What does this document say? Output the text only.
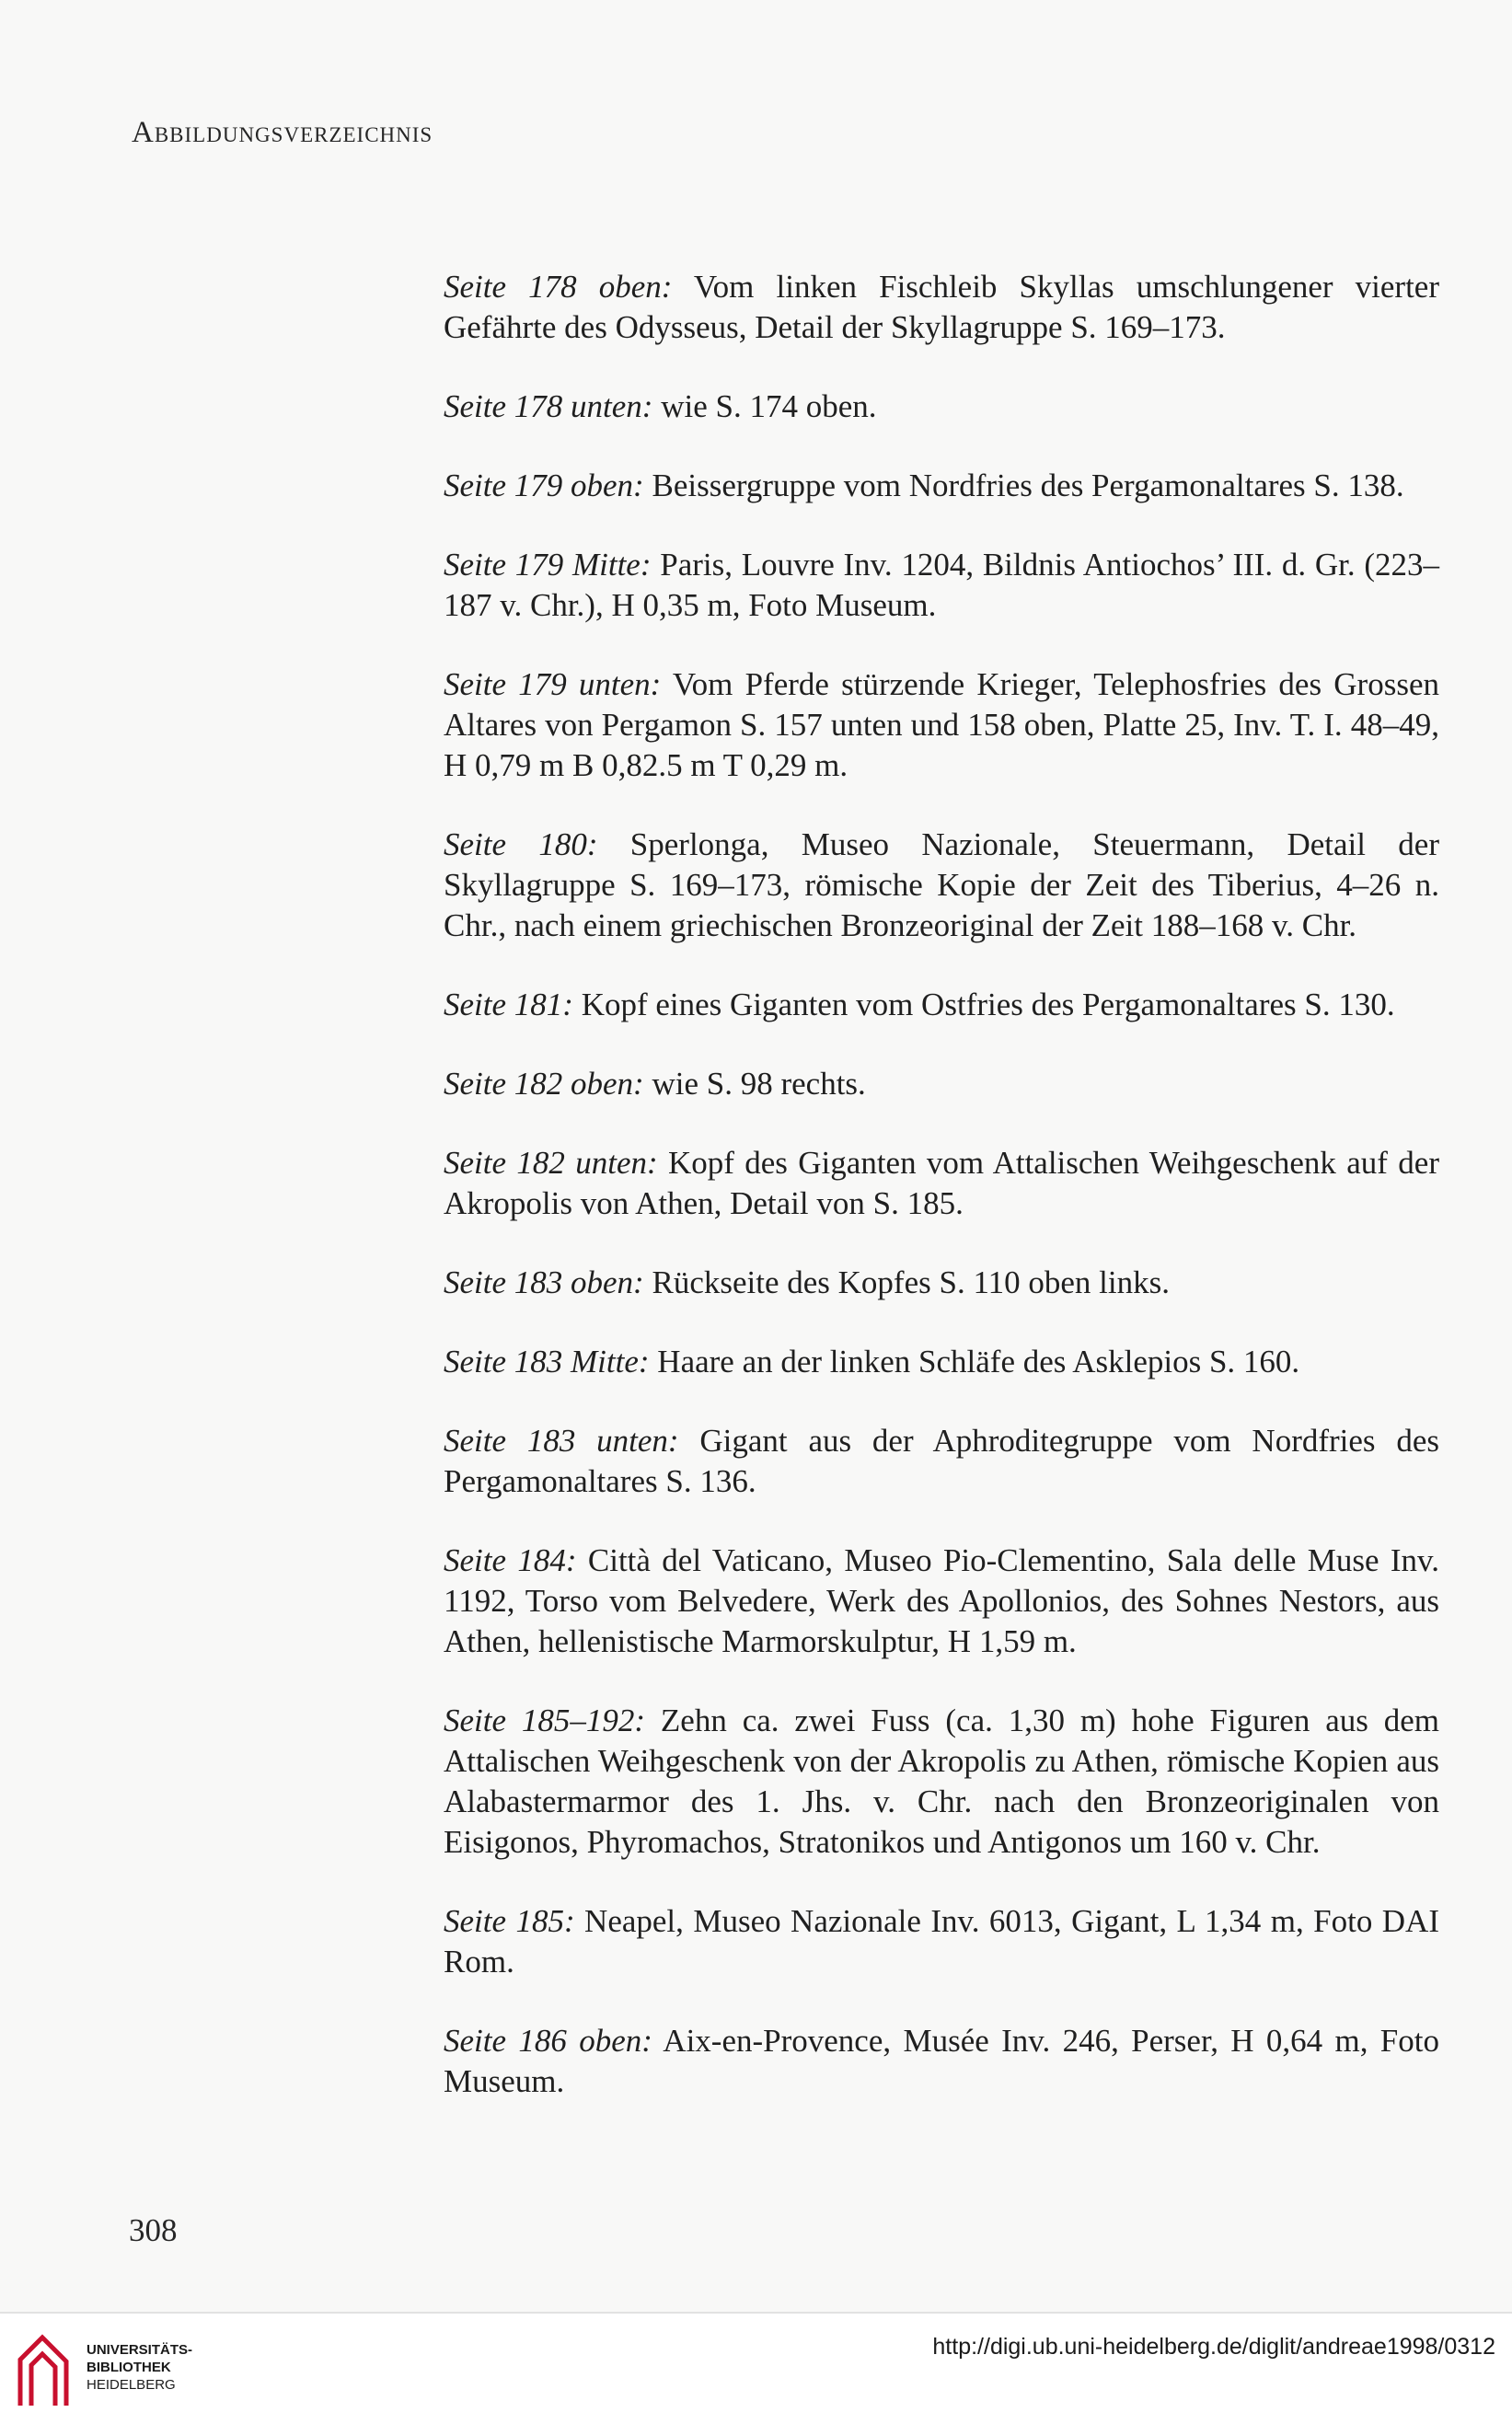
Abbildungsverzeichnis

Seite 178 oben: Vom linken Fischleib Skyllas umschlungener vierter Gefährte des Odysseus, Detail der Skyllagruppe S. 169–173.

Seite 178 unten: wie S. 174 oben.

Seite 179 oben: Beissergruppe vom Nordfries des Pergamonaltares S. 138.

Seite 179 Mitte: Paris, Louvre Inv. 1204, Bildnis Antiochos’ III. d. Gr. (223–187 v. Chr.), H 0,35 m, Foto Museum.

Seite 179 unten: Vom Pferde stürzende Krieger, Telephosfries des Grossen Altares von Pergamon S. 157 unten und 158 oben, Platte 25, Inv. T. I. 48–49, H 0,79 m B 0,82.5 m T 0,29 m.

Seite 180: Sperlonga, Museo Nazionale, Steuermann, Detail der Skyllagruppe S. 169–173, römische Kopie der Zeit des Tiberius, 4–26 n. Chr., nach einem griechischen Bronzeoriginal der Zeit 188–168 v. Chr.

Seite 181: Kopf eines Giganten vom Ostfries des Pergamonaltares S. 130.

Seite 182 oben: wie S. 98 rechts.

Seite 182 unten: Kopf des Giganten vom Attalischen Weihgeschenk auf der Akropolis von Athen, Detail von S. 185.

Seite 183 oben: Rückseite des Kopfes S. 110 oben links.

Seite 183 Mitte: Haare an der linken Schläfe des Asklepios S. 160.

Seite 183 unten: Gigant aus der Aphroditegruppe vom Nordfries des Pergamonaltares S. 136.

Seite 184: Città del Vaticano, Museo Pio-Clementino, Sala delle Muse Inv. 1192, Torso vom Belvedere, Werk des Apollonios, des Sohnes Nestors, aus Athen, hellenistische Marmorskulptur, H 1,59 m.

Seite 185–192: Zehn ca. zwei Fuss (ca. 1,30 m) hohe Figuren aus dem Attalischen Weihgeschenk von der Akropolis zu Athen, römische Kopien aus Alabastermarmor des 1. Jhs. v. Chr. nach den Bronzeoriginalen von Eisigonos, Phyromachos, Stratonikos und Antigonos um 160 v. Chr.

Seite 185: Neapel, Museo Nazionale Inv. 6013, Gigant, L 1,34 m, Foto DAI Rom.

Seite 186 oben: Aix-en-Provence, Musée Inv. 246, Perser, H 0,64 m, Foto Museum.

308
UNIVERSITÄTS-
BIBLIOTHEK
HEIDELBERG
http://digi.ub.uni-heidelberg.de/diglit/andreae1998/0312
